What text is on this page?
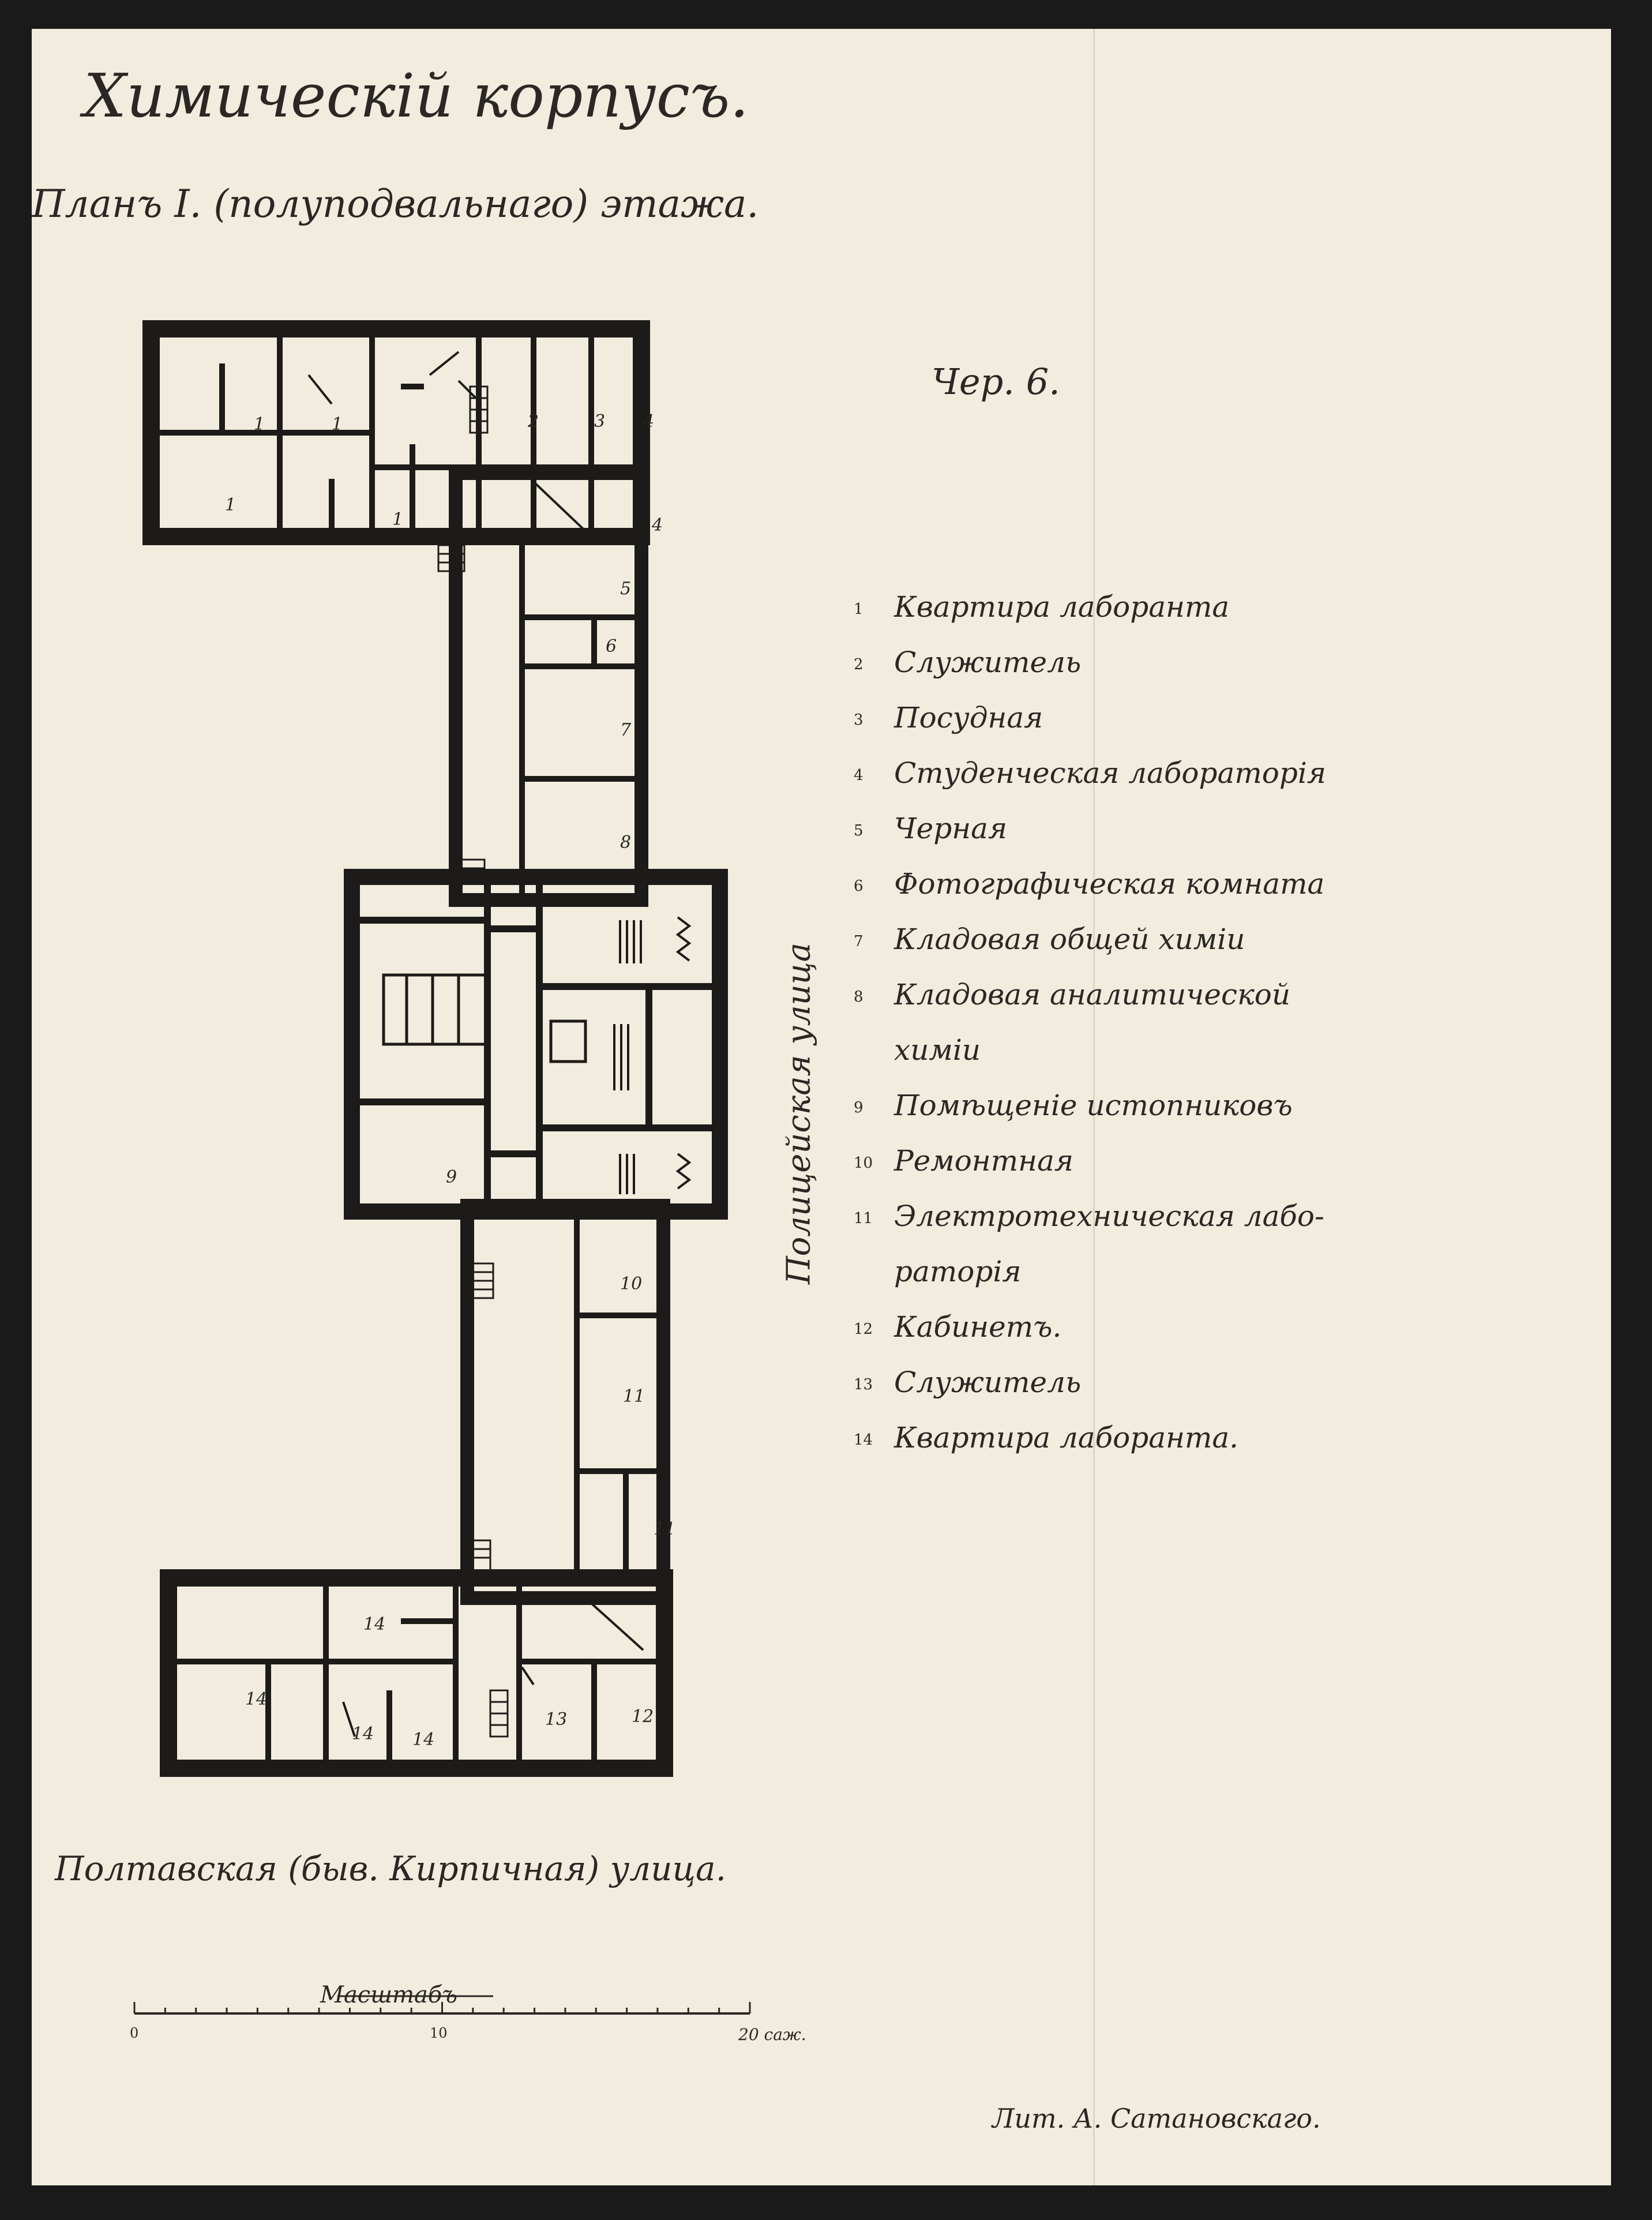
Химическій корпусъ.
Планъ I. (полуподвальнаго) этажа.
Чер. 6.
1	1
1
1
2	3 4
4
5
6
7
8
9
10
11
11
12
13
14
14
14 14
1	Квартира лаборанта
2	Служитель
3	Посудная
4	Студенческая лабораторія
5	Черная
6	Фотографическая комната
7	Кладовая общей химіи
8	Кладовая аналитической
химіи
9	Помѣщеніе истопниковъ
10 Ремонтная
11 Электротехническая лабо-
раторія
12 Кабинетъ.
13 Служитель
14 Квартира лаборанта.
Полицейская улица
Полтавская (быв. Кирпичная) улица.
Масштабъ
0	10	20 саж.
Лит. А. Сатановскаго.
